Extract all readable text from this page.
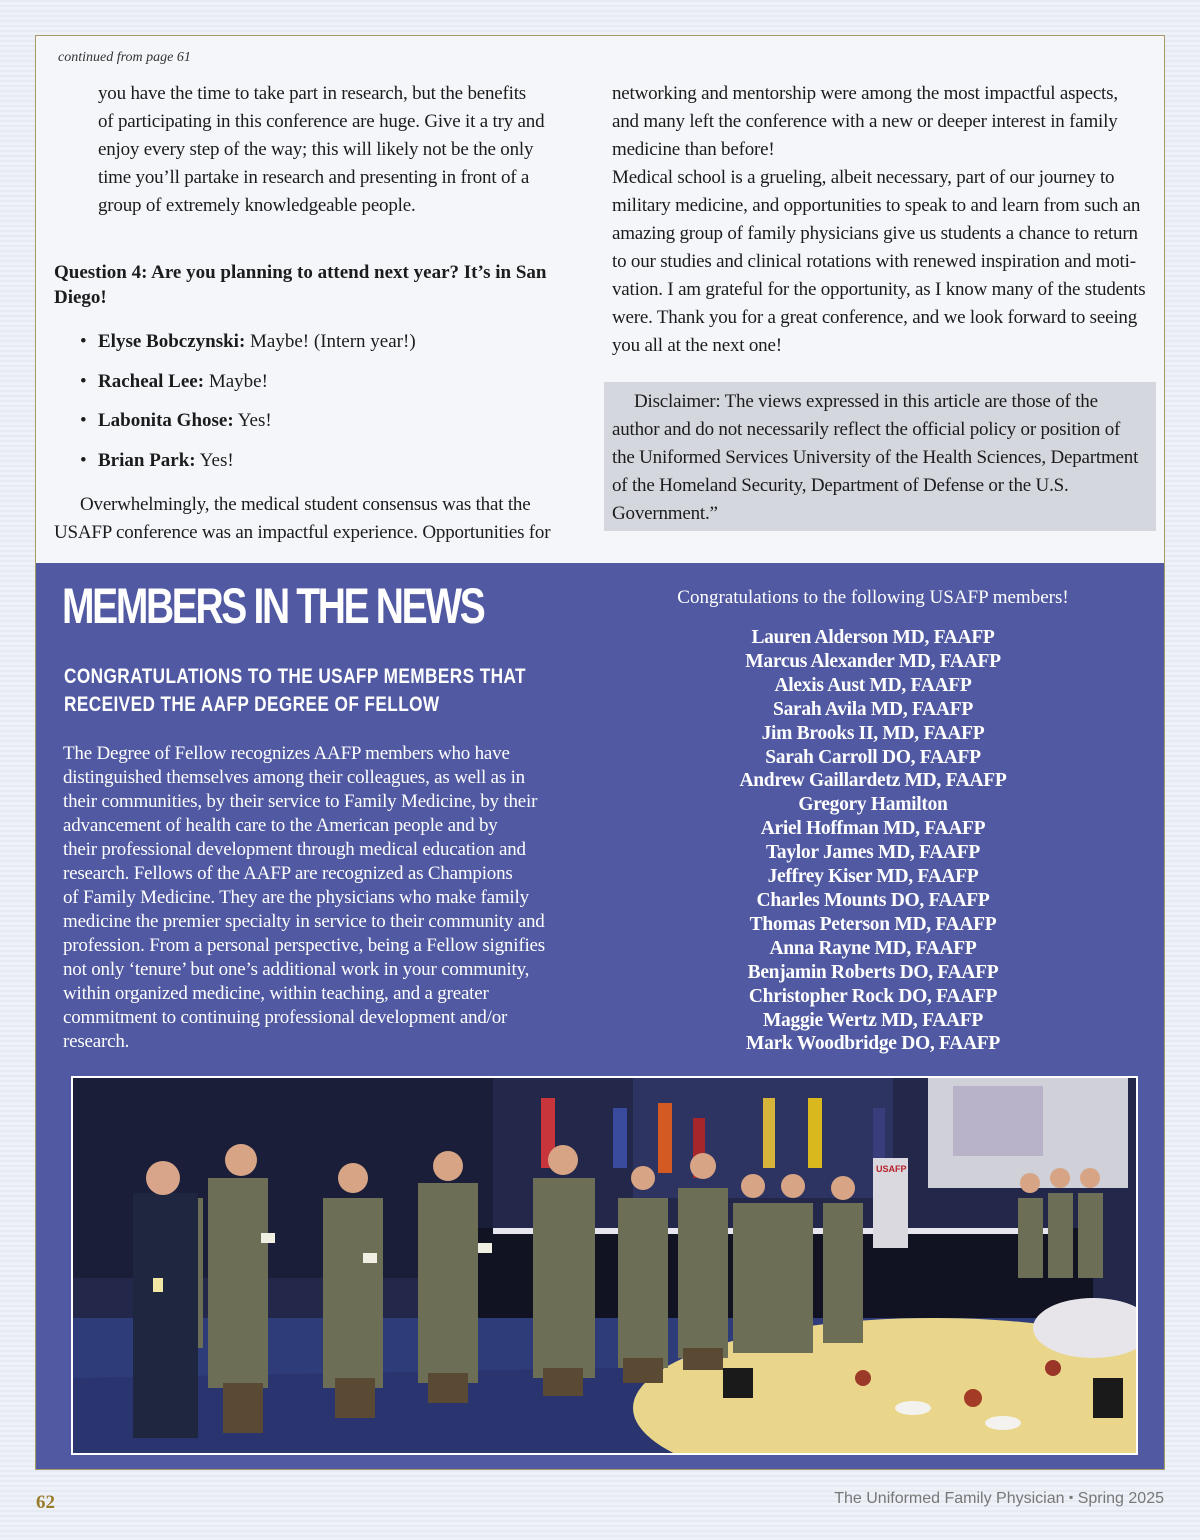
continued from page 61
you have the time to take part in research, but the benefits
of participating in this conference are huge. Give it a try and
enjoy every step of the way; this will likely not be the only
time you’ll partake in research and presenting in front of a
group of extremely knowledgeable people.
Question 4: Are you planning to attend next year? It’s in San Diego!
• Elyse Bobczynski: Maybe! (Intern year!)
• Racheal Lee: Maybe!
• Labonita Ghose: Yes!
• Brian Park: Yes!
Overwhelmingly, the medical student consensus was that the
USAFP conference was an impactful experience. Opportunities for
networking and mentorship were among the most impactful aspects,
and many left the conference with a new or deeper interest in family
medicine than before!
Medical school is a grueling, albeit necessary, part of our journey to
military medicine, and opportunities to speak to and learn from such an
amazing group of family physicians give us students a chance to return
to our studies and clinical rotations with renewed inspiration and moti-
vation. I am grateful for the opportunity, as I know many of the students
were. Thank you for a great conference, and we look forward to seeing
you all at the next one!

Disclaimer: The views expressed in this article are those of the author and do not necessarily reflect the official policy or position of the Uniformed Services University of the Health Sciences, Department of the Homeland Security, Department of Defense or the U.S. Government.”

MEMBERS IN THE NEWS
CONGRATULATIONS TO THE USAFP MEMBERS THAT RECEIVED THE AAFP DEGREE OF FELLOW
The Degree of Fellow recognizes AAFP members who have
distinguished themselves among their colleagues, as well as in
their communities, by their service to Family Medicine, by their
advancement of health care to the American people and by
their professional development through medical education and
research. Fellows of the AAFP are recognized as Champions
of Family Medicine. They are the physicians who make family
medicine the premier specialty in service to their community and
profession. From a personal perspective, being a Fellow signifies
not only ‘tenure’ but one’s additional work in your community,
within organized medicine, within teaching, and a greater
commitment to continuing professional development and/or
research.
Congratulations to the following USAFP members!
Lauren Alderson MD, FAAFP
Marcus Alexander MD, FAAFP
Alexis Aust MD, FAAFP
Sarah Avila MD, FAAFP
Jim Brooks II, MD, FAAFP
Sarah Carroll DO, FAAFP
Andrew Gaillardetz MD, FAAFP
Gregory Hamilton
Ariel Hoffman MD, FAAFP
Taylor James MD, FAAFP
Jeffrey Kiser MD, FAAFP
Charles Mounts DO, FAAFP
Thomas Peterson MD, FAAFP
Anna Rayne MD, FAAFP
Benjamin Roberts DO, FAAFP
Christopher Rock DO, FAAFP
Maggie Wertz MD, FAAFP
Mark Woodbridge DO, FAAFP
USAFP
62	The Uniformed Family Physician ▪ Spring 2025
